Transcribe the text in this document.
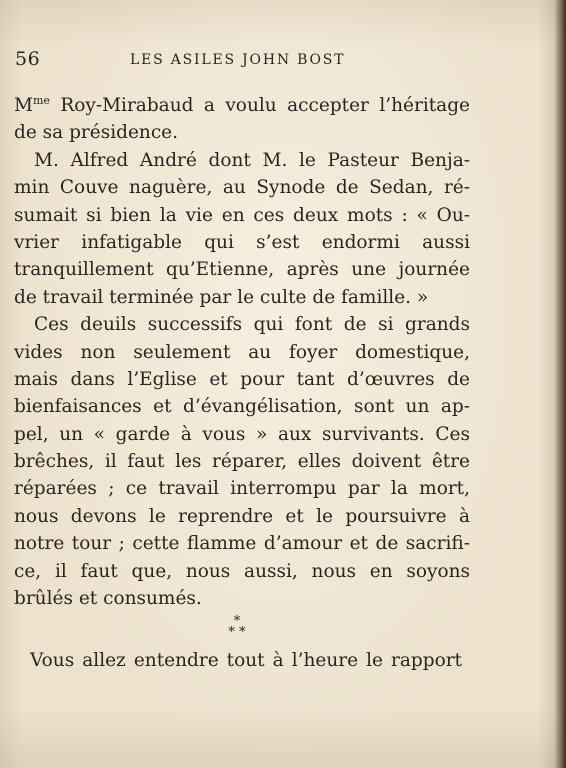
56	LES ASILES JOHN BOST
$M^{me}$ Roy-Mirabaud a voulu accepter l’héritage
de sa présidence.
M. Alfred André dont M. le Pasteur Benja-
min Couve naguère, au Synode de Sedan, ré-
sumait si bien la vie en ces deux mots : « Ou-
vrier infatigable qui s’est endormi aussi
tranquillement qu’Etienne, après une journée
de travail terminée par le culte de famille. »
Ces deuils successifs qui font de si grands
vides non seulement au foyer domestique,
mais dans l’Eglise et pour tant d’œuvres de
bienfaisances et d’évangélisation, sont un ap-
pel, un « garde à vous » aux survivants. Ces
brêches, il faut les réparer, elles doivent être
réparées ; ce travail interrompu par la mort,
nous devons le reprendre et le poursuivre à
notre tour ; cette flamme d’amour et de sacrifi-
ce, il faut que, nous aussi, nous en soyons
brûlés et consumés.
*
* *
Vous allez entendre tout à l’heure le rapport
